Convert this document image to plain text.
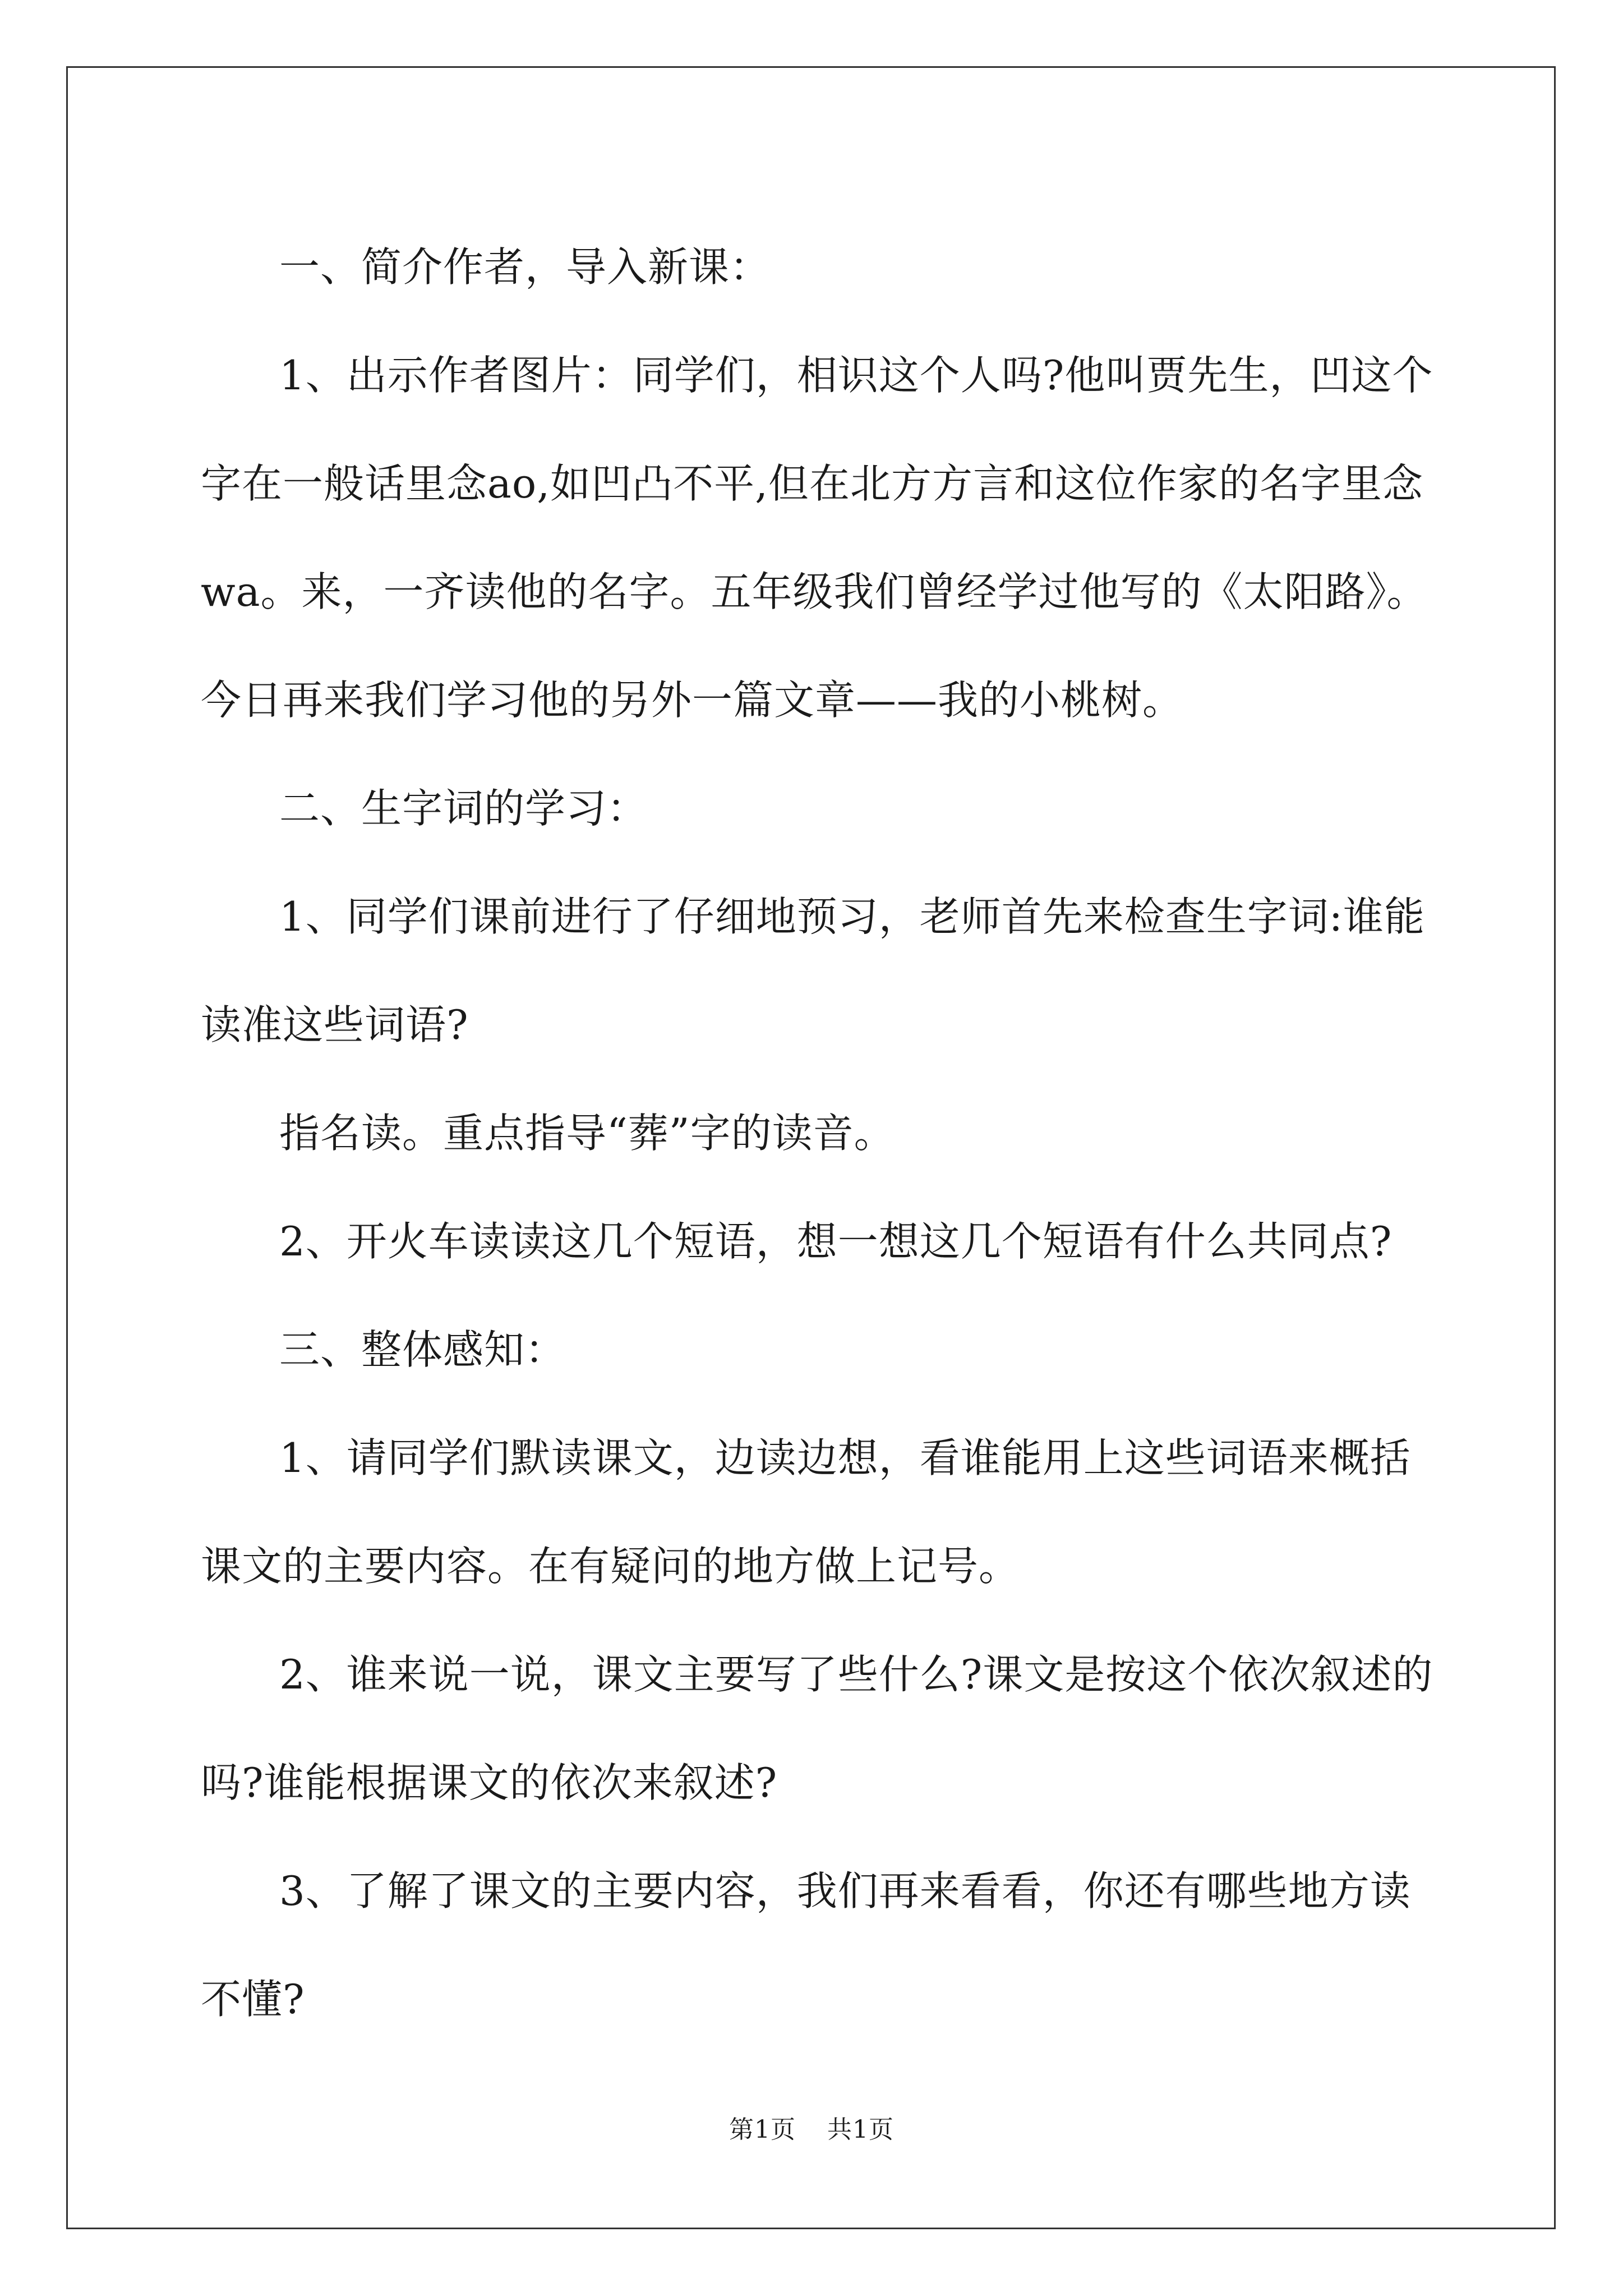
一、简介作者，导入新课：

1、出示作者图片：同学们，相识这个人吗?他叫贾先生，凹这个字在一般话里念ao,如凹凸不平,但在北方方言和这位作家的名字里念wa。来，一齐读他的名字。五年级我们曾经学过他写的《太阳路》。今日再来我们学习他的另外一篇文章——我的小桃树。

二、生字词的学习：

1、同学们课前进行了仔细地预习，老师首先来检查生字词:谁能读准这些词语?

指名读。重点指导“葬”字的读音。

2、开火车读读这几个短语，想一想这几个短语有什么共同点?

三、整体感知：

1、请同学们默读课文，边读边想，看谁能用上这些词语来概括课文的主要内容。在有疑问的地方做上记号。

2、谁来说一说，课文主要写了些什么?课文是按这个依次叙述的吗?谁能根据课文的依次来叙述?

3、了解了课文的主要内容，我们再来看看，你还有哪些地方读不懂?

第1页 共1页
